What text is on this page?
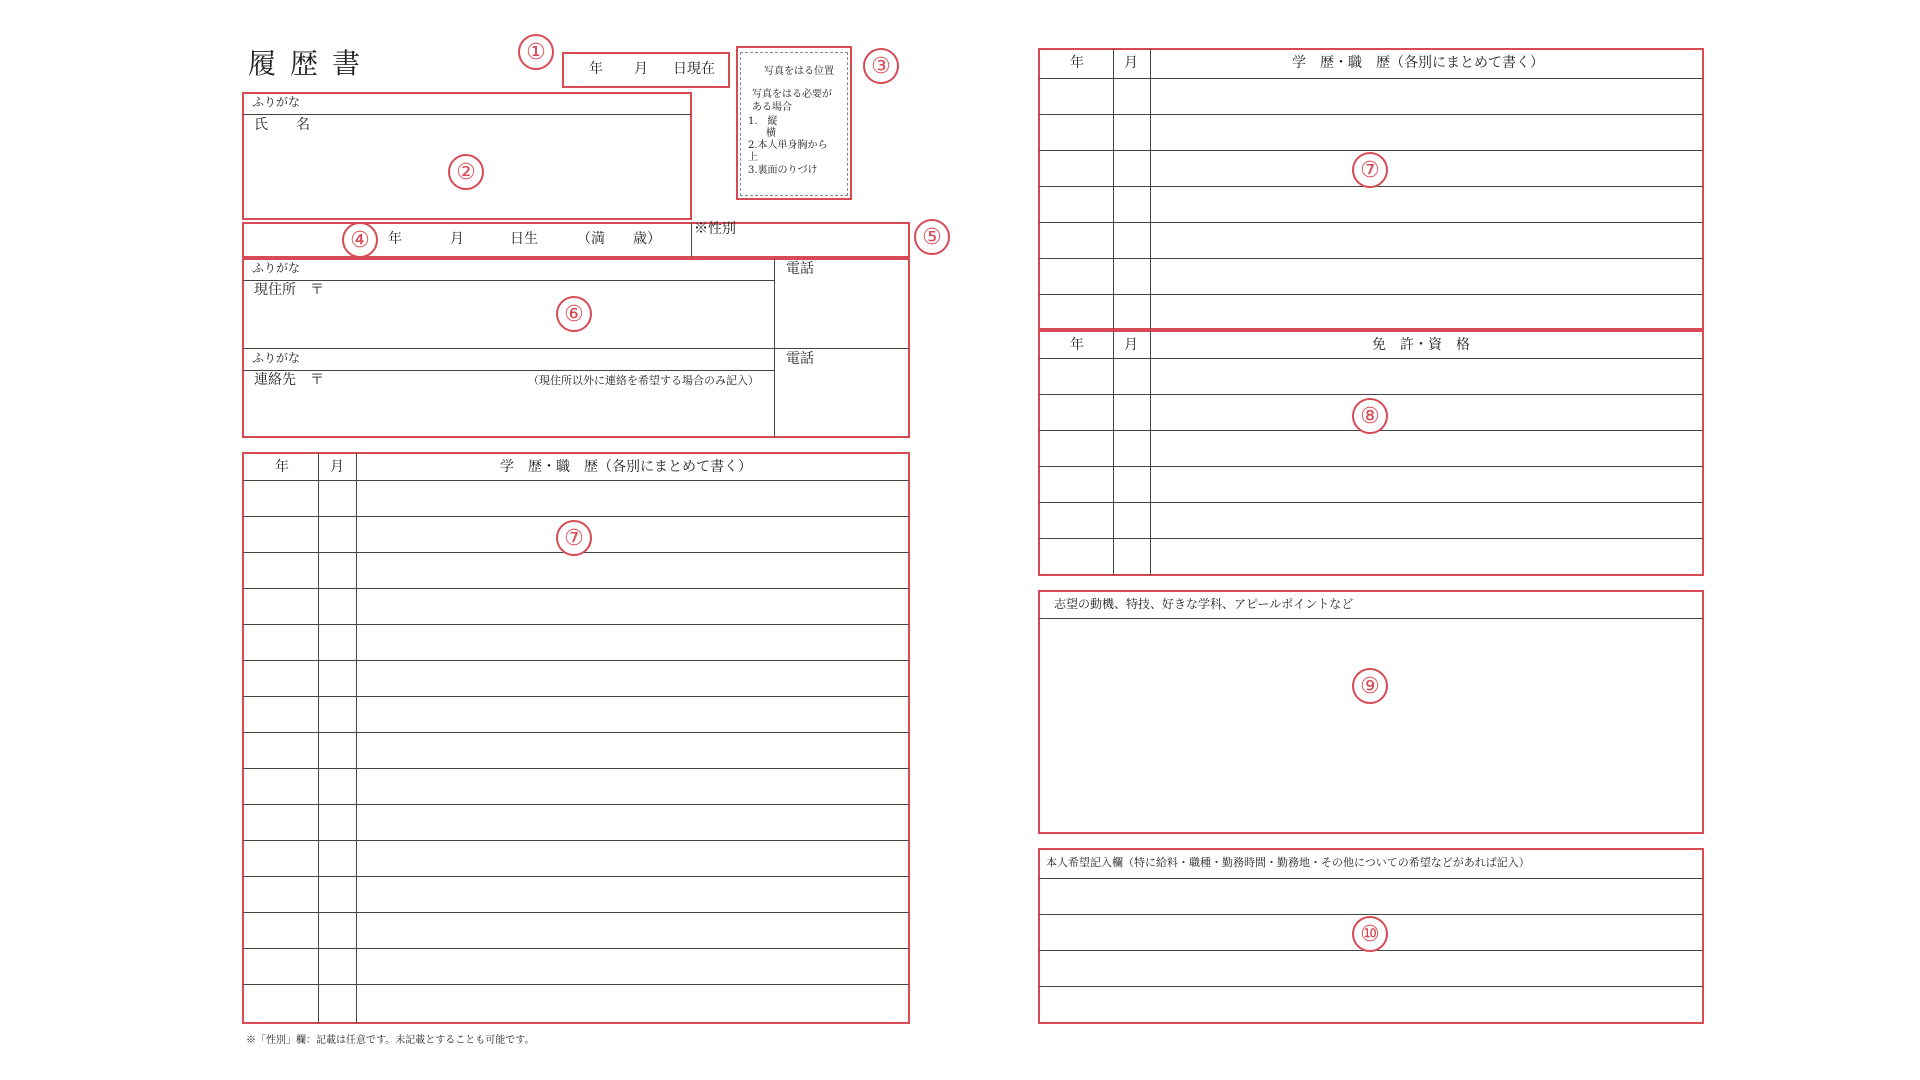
履歴書	①
年 月 日現在	写真をはる位置
写真をはる必要が
ある場合
1.　縦
横
2.本人単身胸から
上
3.裏面のりづけ
③
ふりがな
氏　　名
②
④	年	月	日生	（満　　歳）
※性別	⑤
ふりがな
現住所　〒
電話
⑥
ふりがな
連絡先　〒	（現住所以外に連絡を希望する場合のみ記入）
電話
年	月	学　歴・職　歴（各別にまとめて書く）
⑦
年	月	学　歴・職　歴（各別にまとめて書く）
⑦
年	月	免　許・資　格
⑧
志望の動機、特技、好きな学科、アピールポイントなど
⑨
本人希望記入欄（特に給料・職種・勤務時間・勤務地・その他についての希望などがあれば記入）
⑩
※「性別」欄：記載は任意です。未記載とすることも可能です。
